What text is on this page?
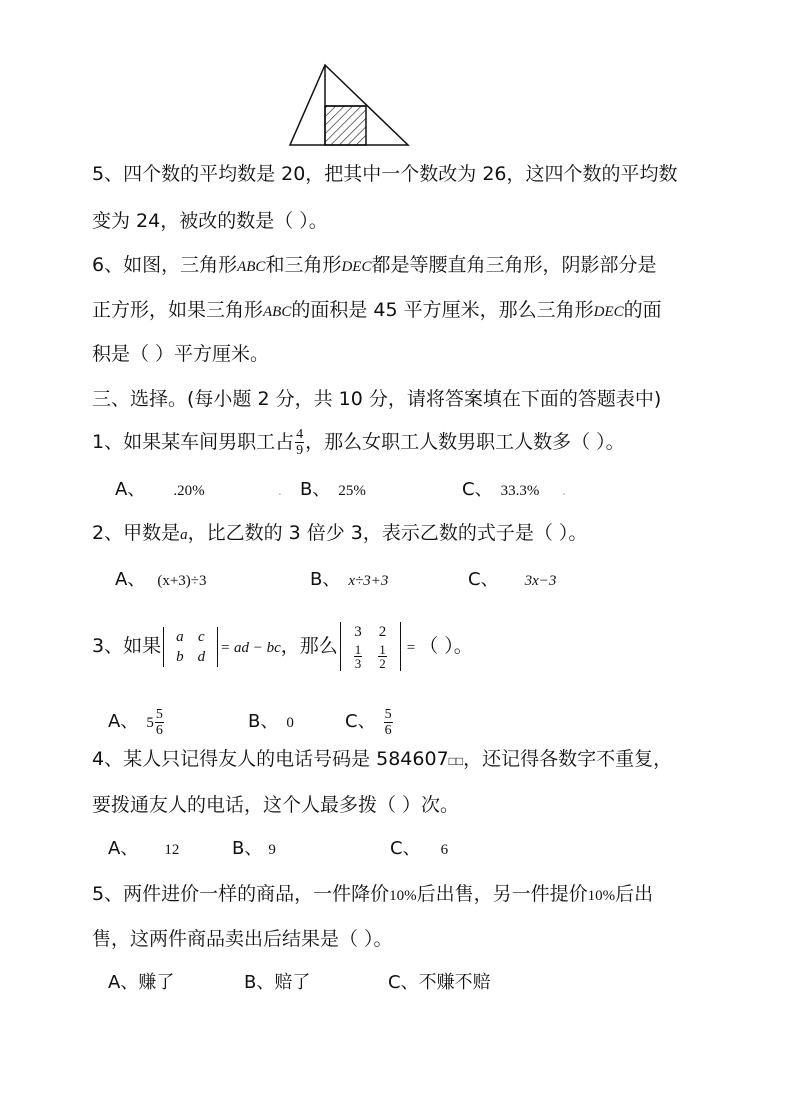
5、四个数的平均数是 20，把其中一个数改为 26，这四个数的平均数
变为 24，被改的数是（ ）。
6、如图，三角形ABC和三角形DEC都是等腰直角三角形，阴影部分是
正方形，如果三角形ABC的面积是 45 平方厘米，那么三角形DEC的面
积是（ ）平方厘米。
三、选择。(每小题 2 分，共 10 分，请将答案填在下面的答题表中)
1、如果某车间男职工占 $\frac{4}{9}$ ，那么女职工人数男职工人数多（ ）。
A、 .20%	. B、 25%	C、 33.3% .
2、甲数是a，比乙数的 3 倍少 3，表示乙数的式子是（ ）。
A、 (x+3)÷3	B、 x÷3+3	C、 3x−3
3、如果 a	c
b	d
= ad − bc，那么
3	2

$\frac{1}{3}$	$\frac{1}{2}$ = （ ）。
A、 $5 \frac{5}{6}$	B、 0	C、 $\frac{5}{6}$
4、某人只记得友人的电话号码是 584607□□，还记得各数字不重复，
要拨通友人的电话，这个人最多拨（ ）次。
A、 12	B、 9	C、 6
5、两件进价一样的商品，一件降价10%后出售，另一件提价10%后出
售，这两件商品卖出后结果是（ ）。
A、赚了	B、赔了	C、不赚不赔
